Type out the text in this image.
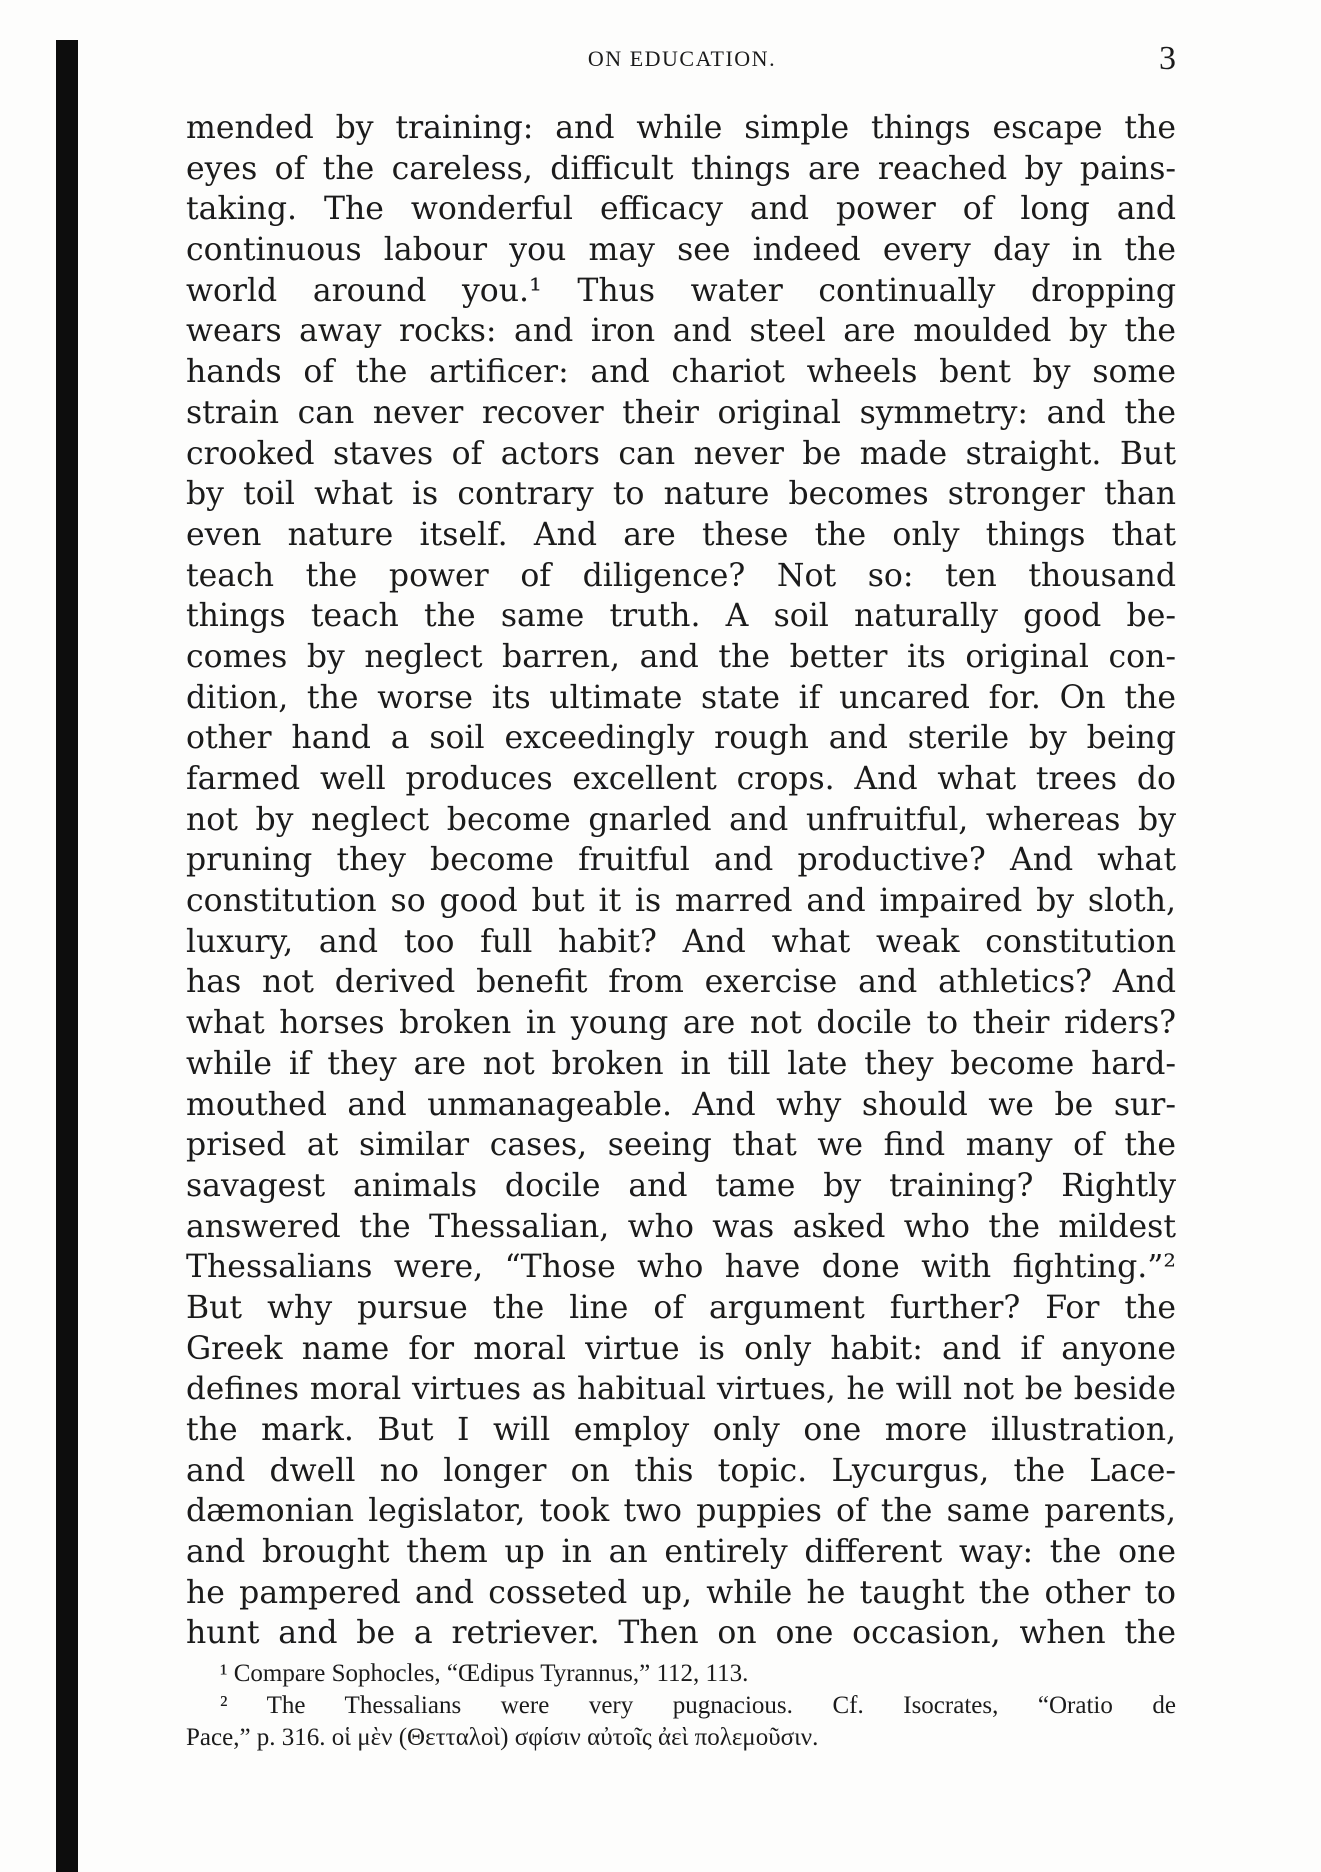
ON EDUCATION.	3
mended by training: and while simple things escape the
eyes of the careless, difficult things are reached by pains-
taking. The wonderful efficacy and power of long and
continuous labour you may see indeed every day in the
world around you.¹ Thus water continually dropping
wears away rocks: and iron and steel are moulded by the
hands of the artificer: and chariot wheels bent by some
strain can never recover their original symmetry: and the
crooked staves of actors can never be made straight. But
by toil what is contrary to nature becomes stronger than
even nature itself. And are these the only things that
teach the power of diligence? Not so: ten thousand
things teach the same truth. A soil naturally good be-
comes by neglect barren, and the better its original con-
dition, the worse its ultimate state if uncared for. On the
other hand a soil exceedingly rough and sterile by being
farmed well produces excellent crops. And what trees do
not by neglect become gnarled and unfruitful, whereas by
pruning they become fruitful and productive? And what
constitution so good but it is marred and impaired by sloth,
luxury, and too full habit? And what weak constitution
has not derived benefit from exercise and athletics? And
what horses broken in young are not docile to their riders?
while if they are not broken in till late they become hard-
mouthed and unmanageable. And why should we be sur-
prised at similar cases, seeing that we find many of the
savagest animals docile and tame by training? Rightly
answered the Thessalian, who was asked who the mildest
Thessalians were, “Those who have done with fighting.”²
But why pursue the line of argument further? For the
Greek name for moral virtue is only habit: and if anyone
defines moral virtues as habitual virtues, he will not be beside
the mark. But I will employ only one more illustration,
and dwell no longer on this topic. Lycurgus, the Lace-
dæmonian legislator, took two puppies of the same parents,
and brought them up in an entirely different way: the one
he pampered and cosseted up, while he taught the other to
hunt and be a retriever. Then on one occasion, when the
¹ Compare Sophocles, “Œdipus Tyrannus,” 112, 113.
² The Thessalians were very pugnacious. Cf. Isocrates, “Oratio de
Pace,” p. 316. οἱ μὲν (Θετταλοὶ) σφίσιν αὐτοῖς ἀεὶ πολεμοῦσιν.
